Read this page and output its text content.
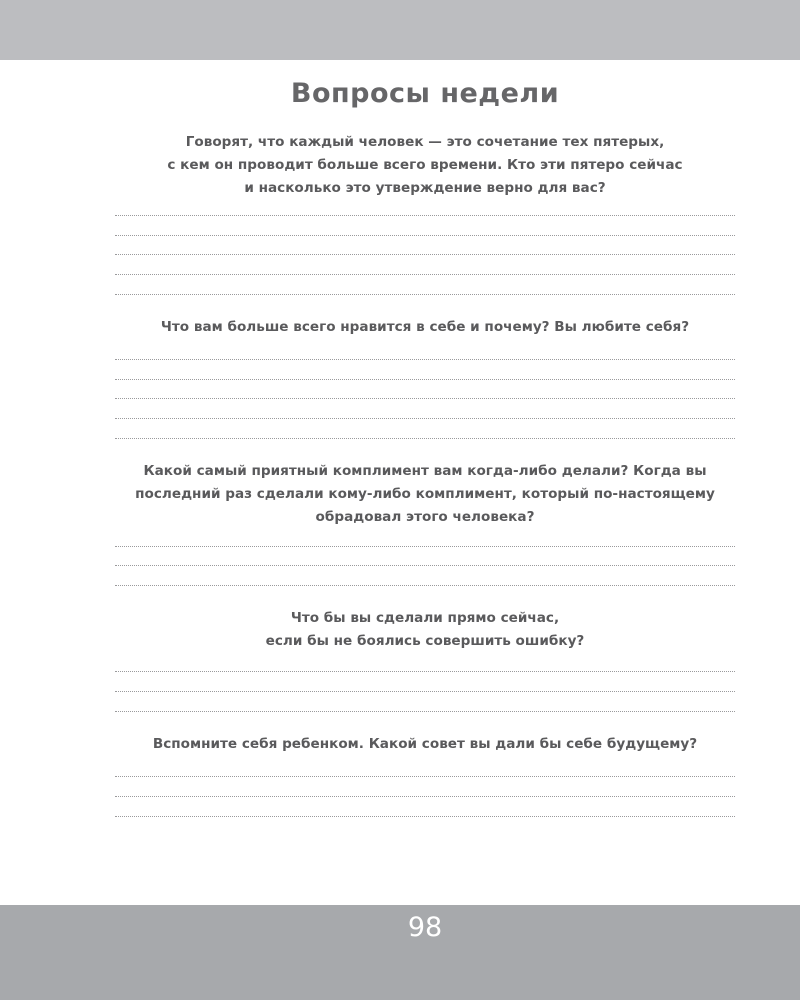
Вопросы недели
Говорят, что каждый человек — это сочетание тех пятерых,
с кем он проводит больше всего времени. Кто эти пятеро сейчас
и насколько это утверждение верно для вас?
Что вам больше всего нравится в себе и почему? Вы любите себя?
Какой самый приятный комплимент вам когда-либо делали? Когда вы
последний раз сделали кому-либо комплимент, который по-настоящему
обрадовал этого человека?
Что бы вы сделали прямо сейчас,
если бы не боялись совершить ошибку?
Вспомните себя ребенком. Какой совет вы дали бы себе будущему?
98
